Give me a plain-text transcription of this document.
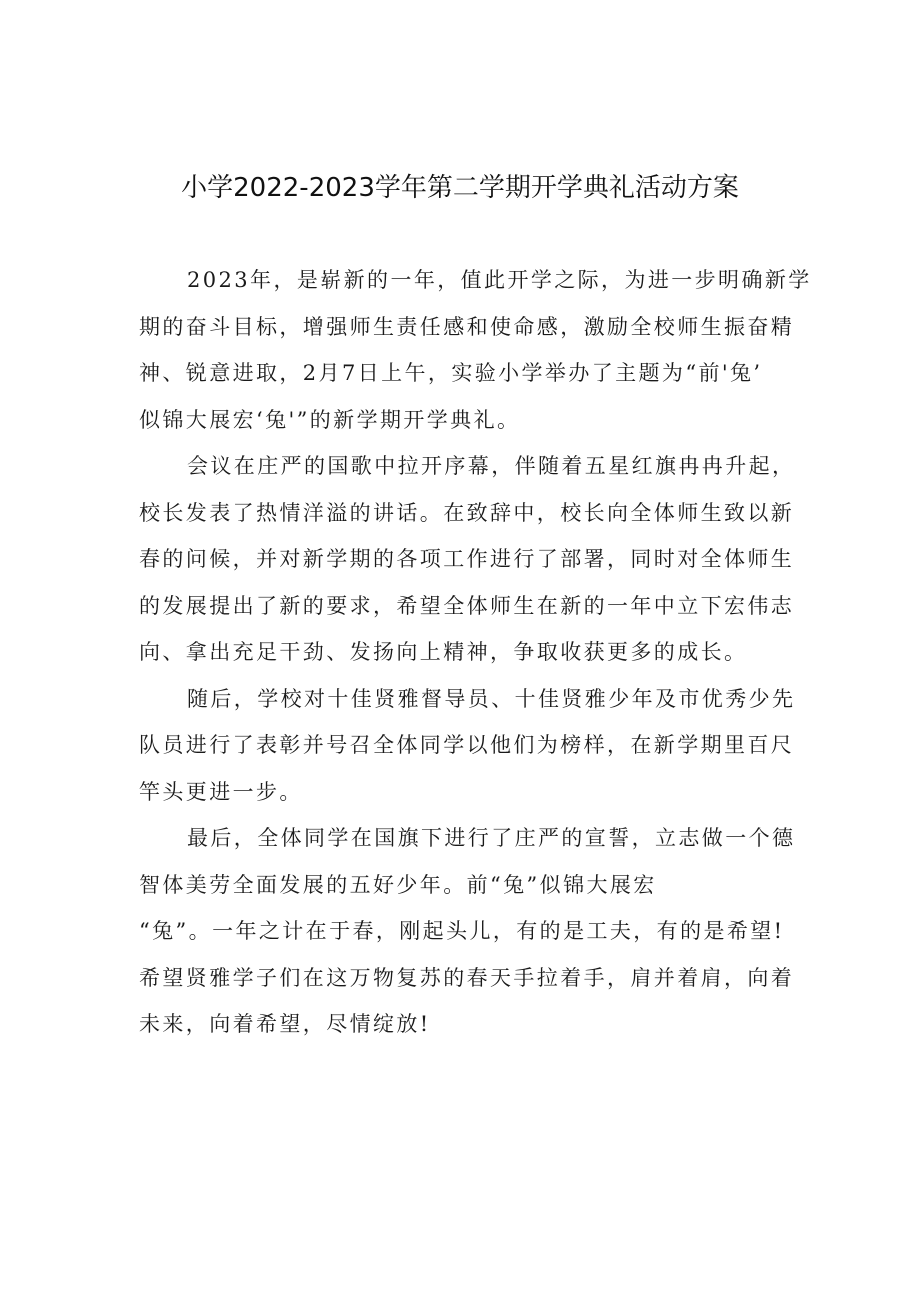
小学2022-2023学年第二学期开学典礼活动方案

2023年，是崭新的一年，值此开学之际，为进一步明确新学
期的奋斗目标，增强师生责任感和使命感，激励全校师生振奋精
神、锐意进取，2月7日上午，实验小学举办了主题为“前'兔’
似锦大展宏‘兔'”的新学期开学典礼。

会议在庄严的国歌中拉开序幕，伴随着五星红旗冉冉升起，
校长发表了热情洋溢的讲话。在致辞中，校长向全体师生致以新
春的问候，并对新学期的各项工作进行了部署，同时对全体师生
的发展提出了新的要求，希望全体师生在新的一年中立下宏伟志
向、拿出充足干劲、发扬向上精神，争取收获更多的成长。

随后，学校对十佳贤雅督导员、十佳贤雅少年及市优秀少先
队员进行了表彰并号召全体同学以他们为榜样，在新学期里百尺
竿头更进一步。

最后，全体同学在国旗下进行了庄严的宣誓，立志做一个德
智体美劳全面发展的五好少年。前“兔”似锦大展宏
“兔”。一年之计在于春，刚起头儿，有的是工夫，有的是希望!
希望贤雅学子们在这万物复苏的春天手拉着手，肩并着肩，向着
未来，向着希望，尽情绽放!
